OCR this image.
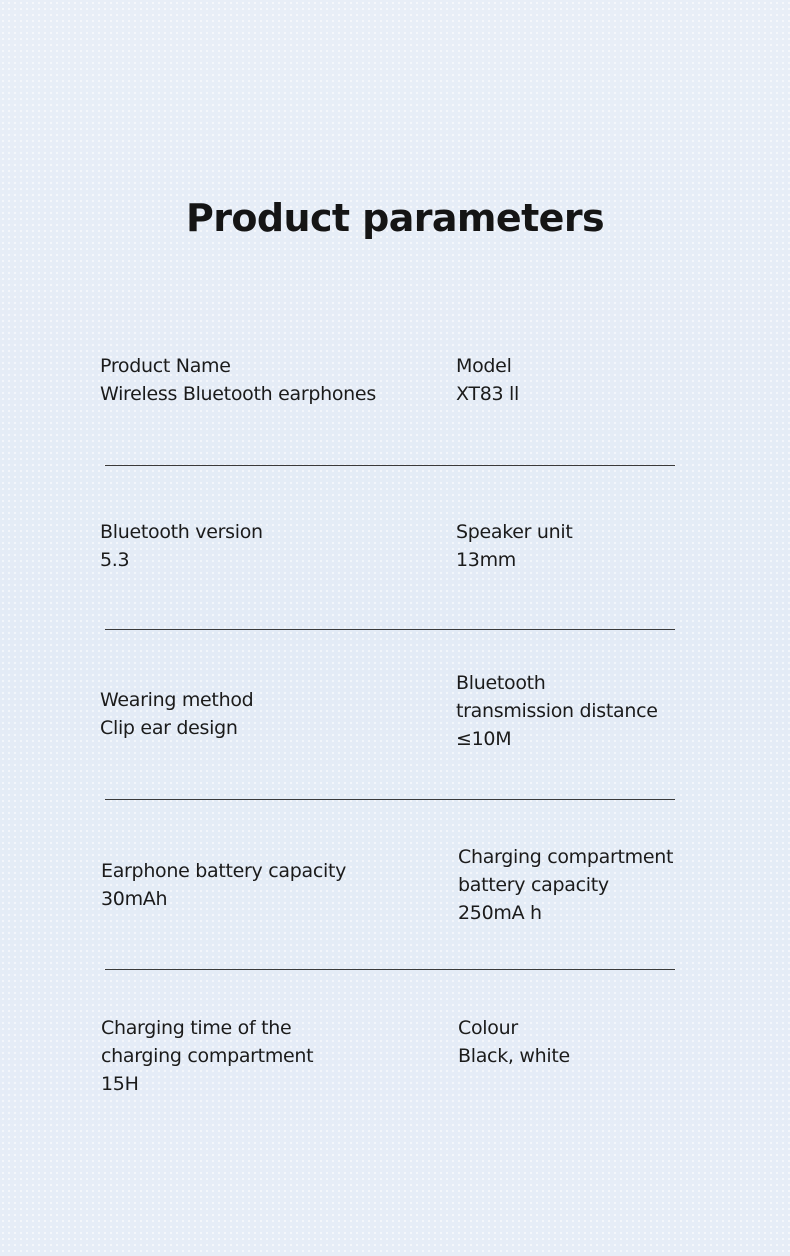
Product parameters
Product Name
Wireless Bluetooth earphones
Model
XT83 ll
Bluetooth version
5.3
Speaker unit
13mm
Wearing method
Clip ear design
Bluetooth
transmission distance
≤10M
Earphone battery capacity
30mAh
Charging compartment
battery capacity
250mA h
Charging time of the
charging compartment
15H
Colour
Black, white
